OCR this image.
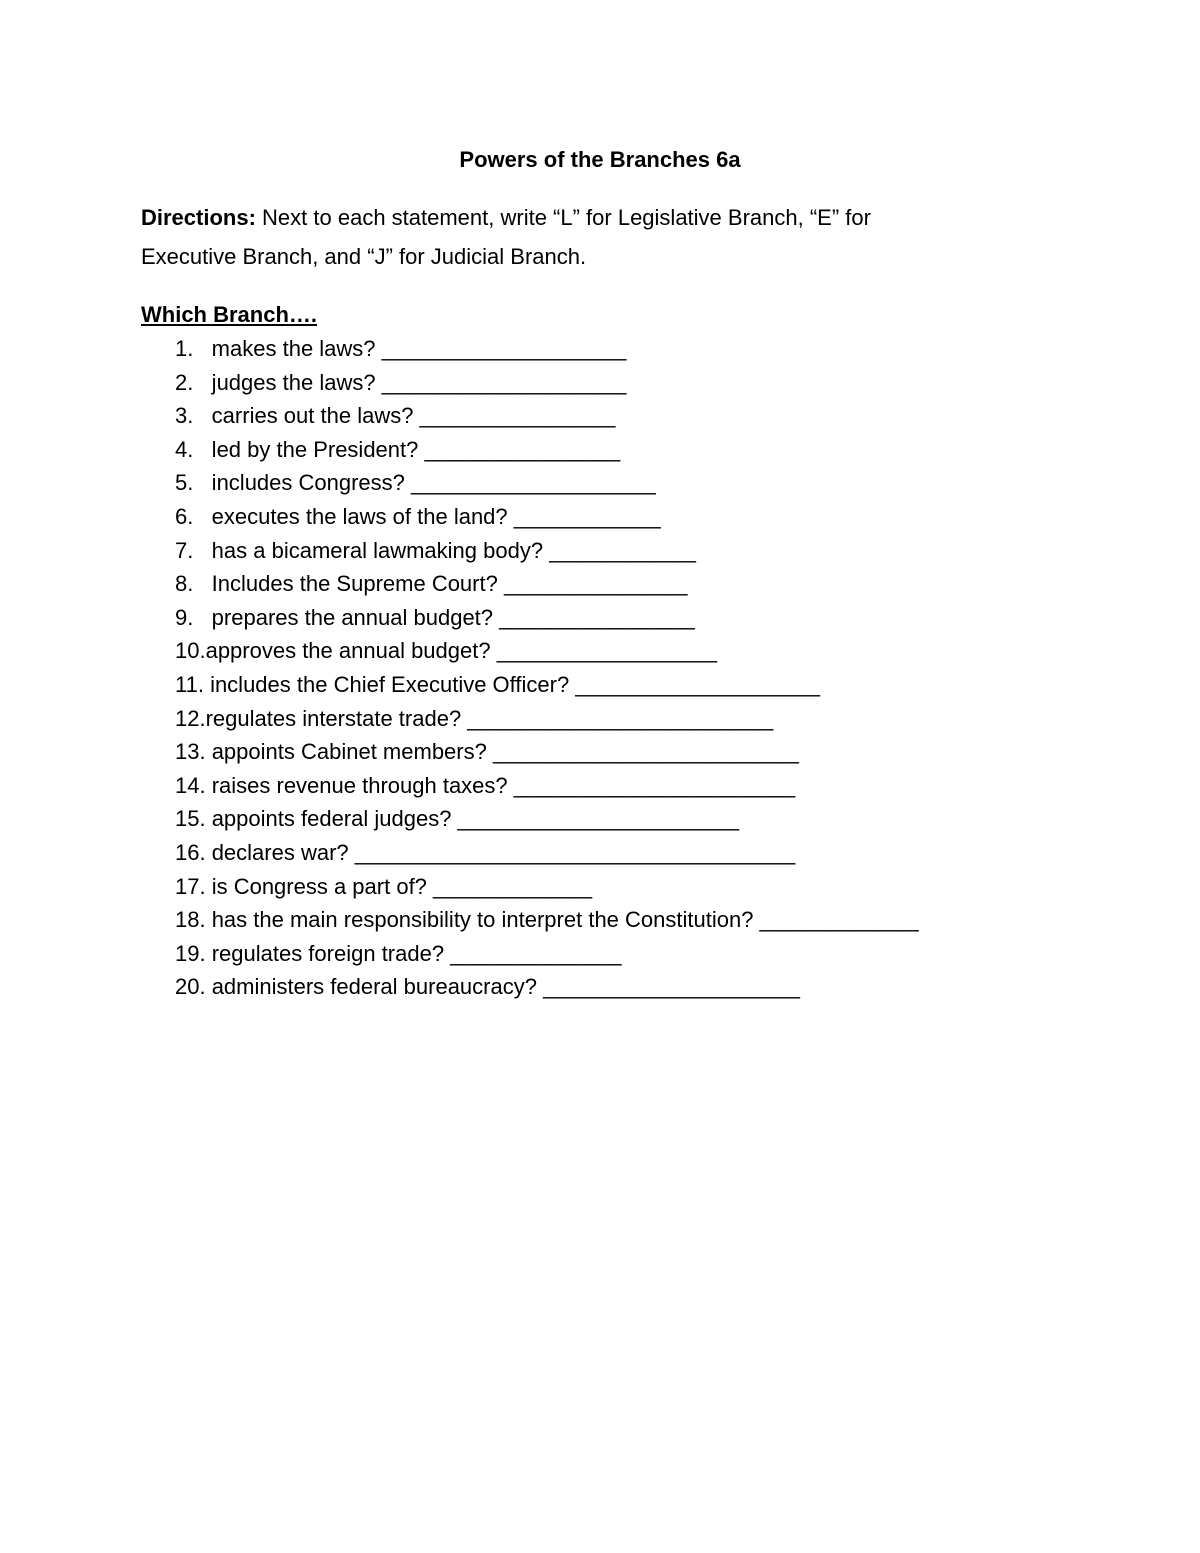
Powers of the Branches 6a
Directions: Next to each statement, write “L” for Legislative Branch, “E” for
Executive Branch, and “J” for Judicial Branch.
Which Branch….
1.   makes the laws? ____________________
2.   judges the laws? ____________________
3.   carries out the laws? ________________
4.   led by the President? ________________
5.   includes Congress? ____________________
6.   executes the laws of the land? ____________
7.   has a bicameral lawmaking body? ____________
8.   Includes the Supreme Court? _______________
9.   prepares the annual budget? ________________
10.approves the annual budget? __________________
11. includes the Chief Executive Officer? ____________________
12.regulates interstate trade? _________________________
13. appoints Cabinet members? _________________________
14. raises revenue through taxes? _______________________
15. appoints federal judges? _______________________
16. declares war? ____________________________________
17. is Congress a part of? _____________
18. has the main responsibility to interpret the Constitution? _____________
19. regulates foreign trade? ______________
20. administers federal bureaucracy? _____________________
